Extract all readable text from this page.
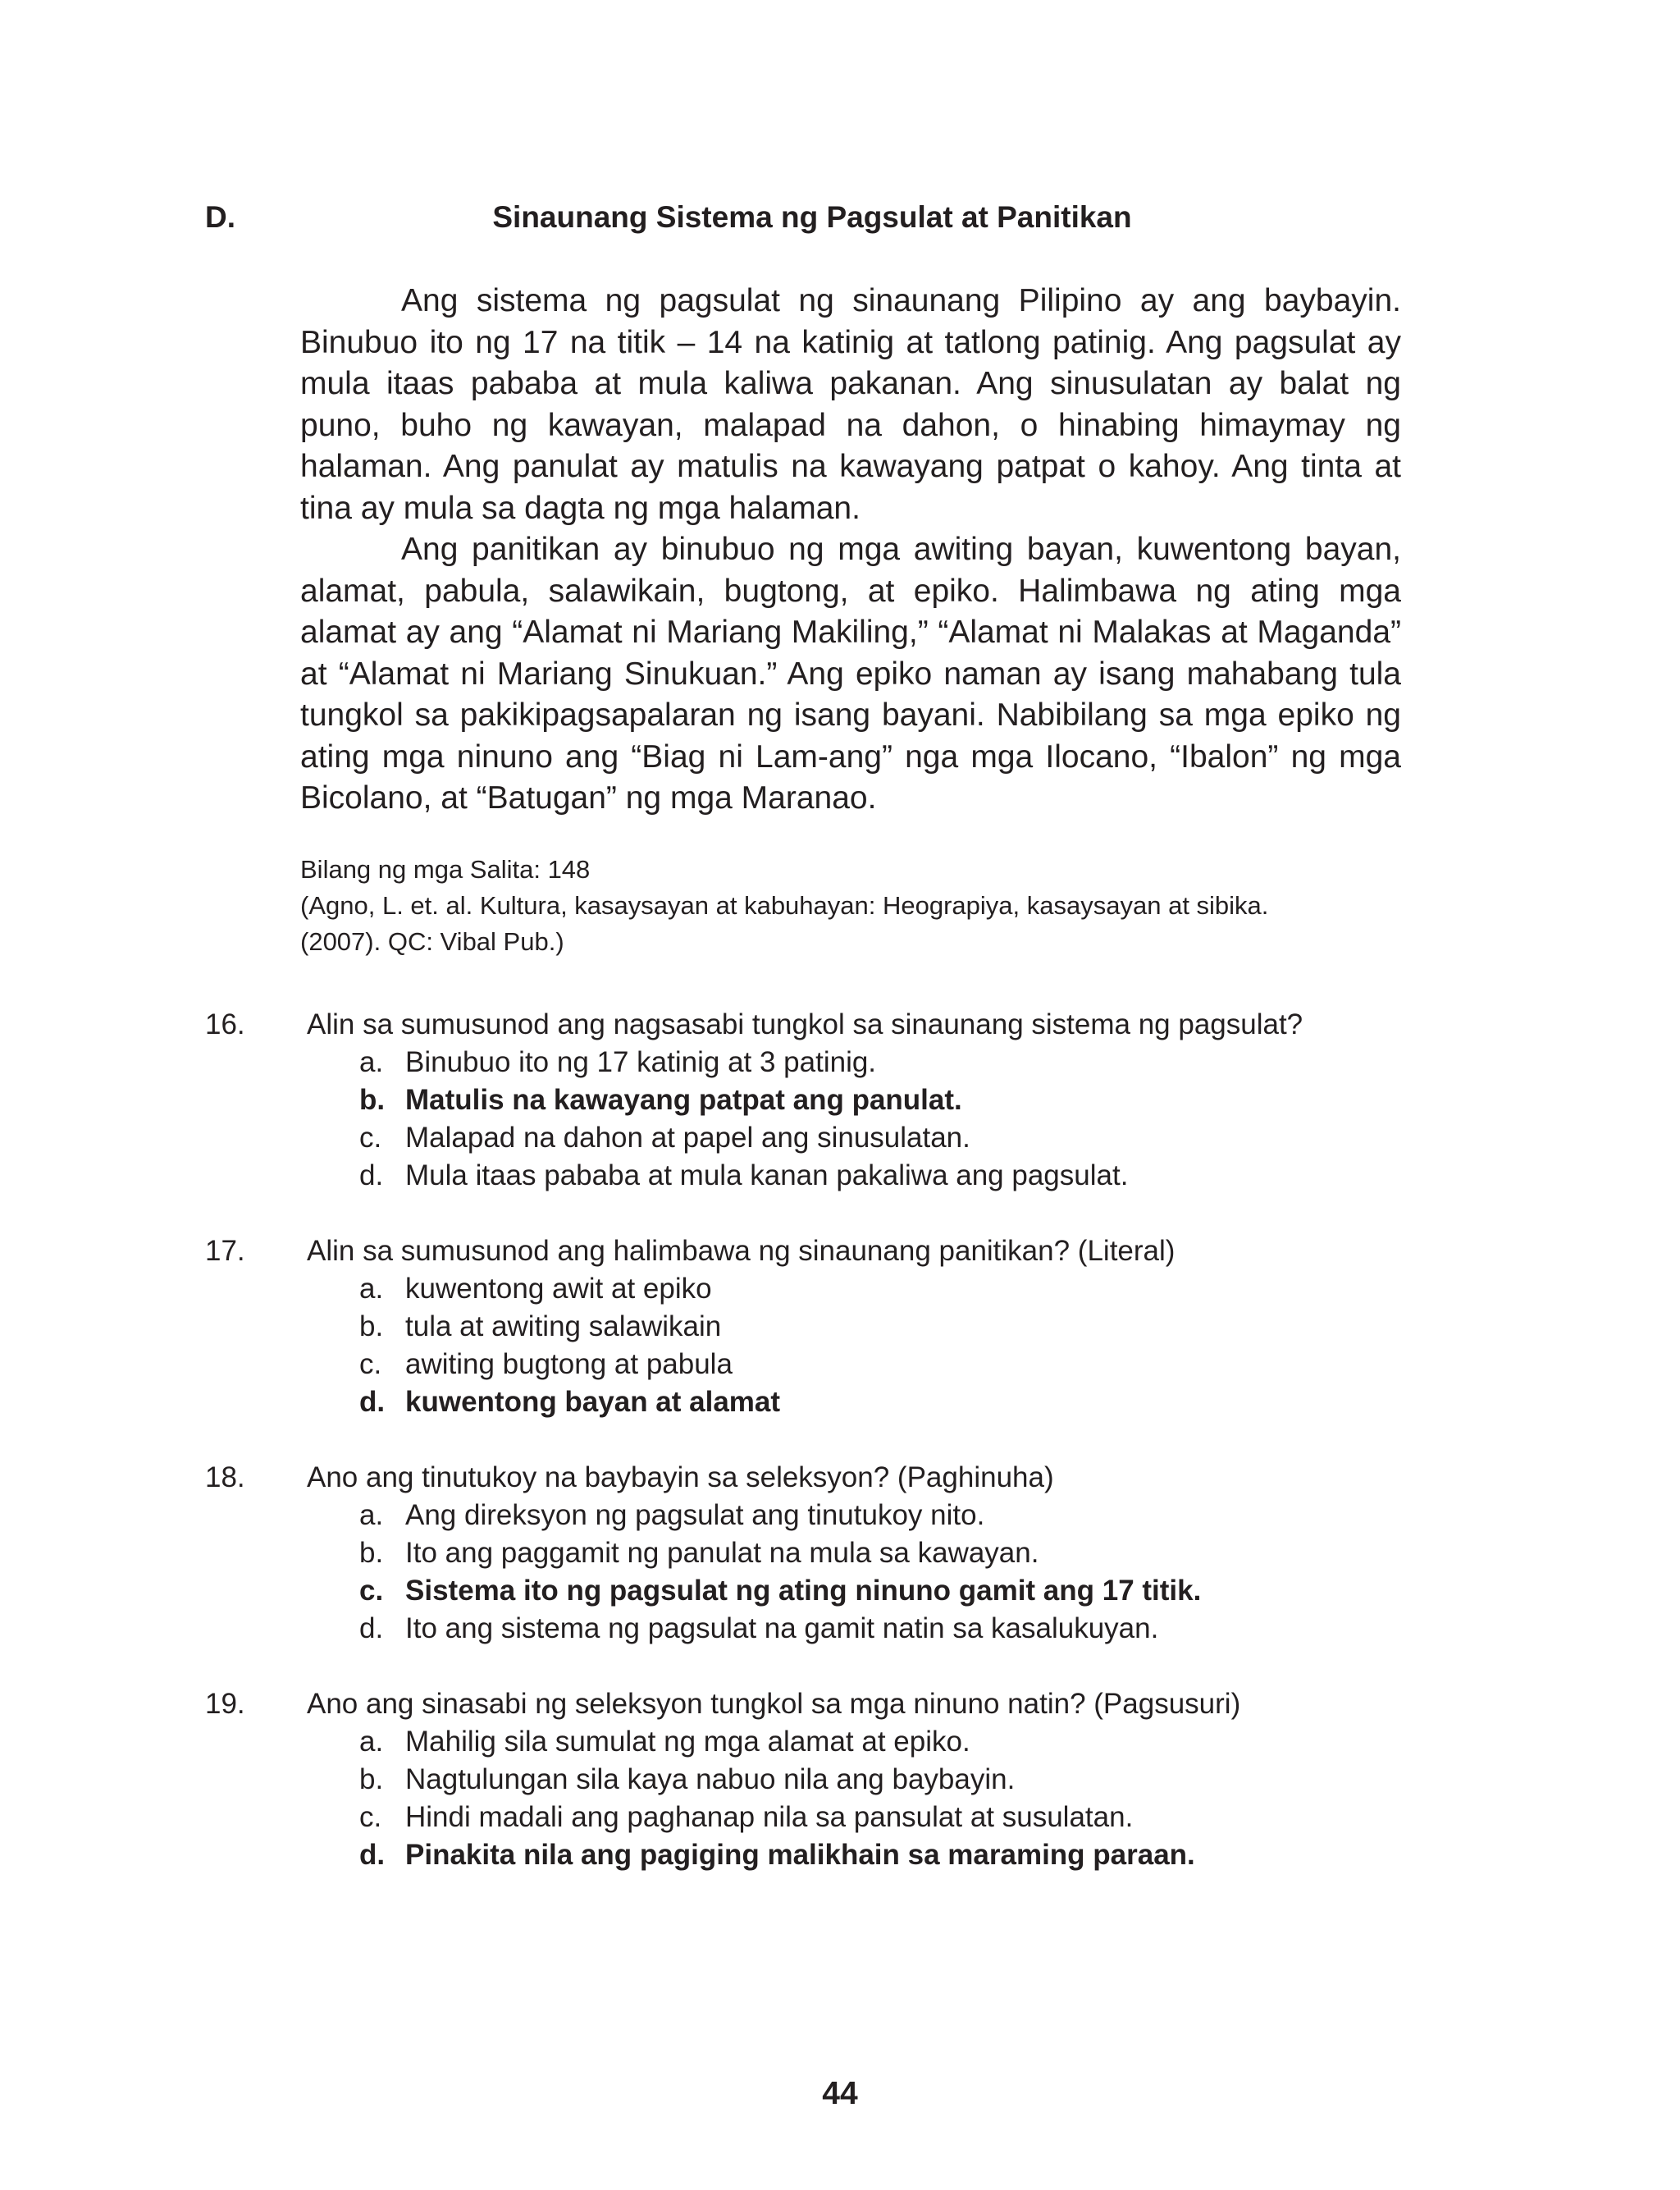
D.	Sinaunang Sistema ng Pagsulat at Panitikan

Ang sistema ng pagsulat ng sinaunang Pilipino ay ang baybayin. Binubuo ito ng 17 na titik – 14 na katinig at tatlong patinig. Ang pagsulat ay mula itaas pababa at mula kaliwa pakanan. Ang sinusulatan ay balat ng puno, buho ng kawayan, malapad na dahon, o hinabing himaymay ng halaman. Ang panulat ay matulis na kawayang patpat o kahoy. Ang tinta at tina ay mula sa dagta ng mga halaman.

Ang panitikan ay binubuo ng mga awiting bayan, kuwentong bayan, alamat, pabula, salawikain, bugtong, at epiko. Halimbawa ng ating mga alamat ay ang “Alamat ni Mariang Makiling,” “Alamat ni Malakas at Maganda” at “Alamat ni Mariang Sinukuan.” Ang epiko naman ay isang mahabang tula tungkol sa pakikipagsapalaran ng isang bayani. Nabibilang sa mga epiko ng ating mga ninuno ang “Biag ni Lam-ang” nga mga Ilocano, “Ibalon” ng mga Bicolano, at “Batugan” ng mga Maranao.

Bilang ng mga Salita: 148
(Agno, L. et. al. Kultura, kasaysayan at kabuhayan: Heograpiya, kasaysayan at sibika.
(2007). QC: Vibal Pub.)
16. Alin sa sumusunod ang nagsasabi tungkol sa sinaunang sistema ng pagsulat?
a. Binubuo ito ng 17 katinig at 3 patinig.
b. Matulis na kawayang patpat ang panulat.
c. Malapad na dahon at papel ang sinusulatan.
d. Mula itaas pababa at mula kanan pakaliwa ang pagsulat.
17. Alin sa sumusunod ang halimbawa ng sinaunang panitikan? (Literal)
a. kuwentong awit at epiko
b. tula at awiting salawikain
c. awiting bugtong at pabula
d. kuwentong bayan at alamat
18. Ano ang tinutukoy na baybayin sa seleksyon? (Paghinuha)
a. Ang direksyon ng pagsulat ang tinutukoy nito.
b. Ito ang paggamit ng panulat na mula sa kawayan.
c. Sistema ito ng pagsulat ng ating ninuno gamit ang 17 titik.
d. Ito ang sistema ng pagsulat na gamit natin sa kasalukuyan.
19. Ano ang sinasabi ng seleksyon tungkol sa mga ninuno natin? (Pagsusuri)
a. Mahilig sila sumulat ng mga alamat at epiko.
b. Nagtulungan sila kaya nabuo nila ang baybayin.
c. Hindi madali ang paghanap nila sa pansulat at susulatan.
d. Pinakita nila ang pagiging malikhain sa maraming paraan.
44
